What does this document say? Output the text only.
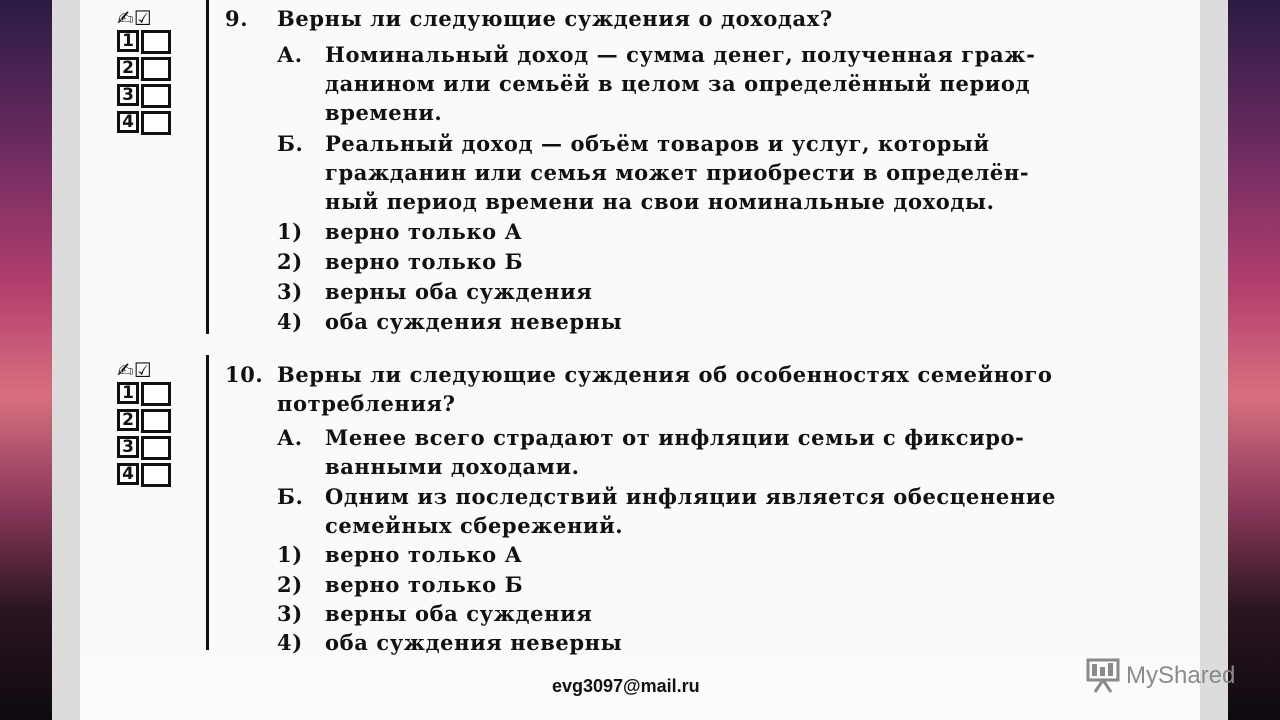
✍☑
1
2
3
4
✍☑
1
2
3
4
9. Верны ли следующие суждения о доходах?
А. Номинальный доход — сумма денег, полученная граж-
данином или семьёй в целом за определённый период
времени.
Б. Реальный доход — объём товаров и услуг, который
гражданин или семья может приобрести в определён-
ный период времени на свои номинальные доходы.
1) верно только А
2) верно только Б
3) верны оба суждения
4) оба суждения неверны
10. Верны ли следующие суждения об особенностях семейного
потребления?
А. Менее всего страдают от инфляции семьи с фиксиро-
ванными доходами.
Б. Одним из последствий инфляции является обесценение
семейных сбережений.
1) верно только А
2) верно только Б
3) верны оба суждения
4) оба суждения неверны
evg3097@mail.ru	MyShared
